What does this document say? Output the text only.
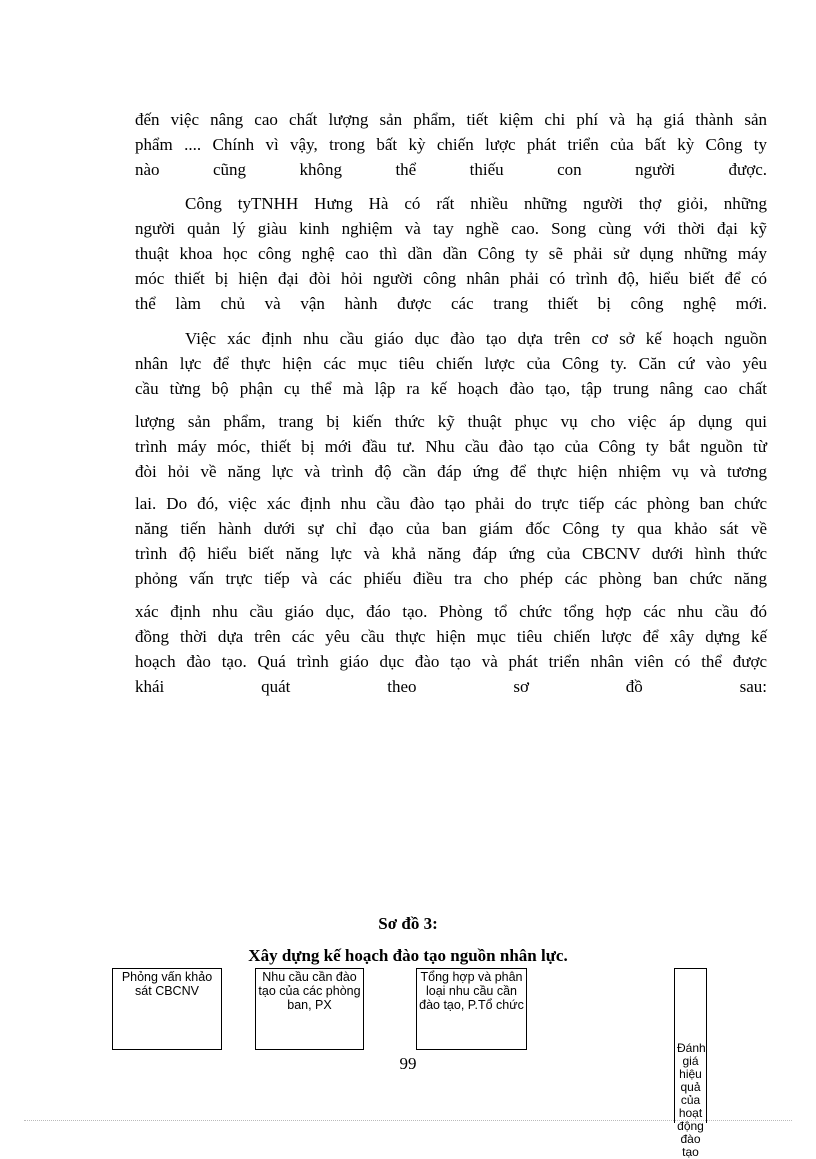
đến việc nâng cao chất lượng sản phẩm, tiết kiệm chi phí và hạ giá thành sản
phẩm .... Chính vì vậy, trong bất kỳ chiến lược phát triển của bất kỳ Công ty
nào cũng không thể thiếu con người được.
Công tyTNHH Hưng Hà có rất nhiều những người thợ giỏi, những
người quản lý giàu kinh nghiệm và tay nghề cao. Song cùng với thời đại kỹ
thuật khoa học công nghệ cao thì dần dần Công ty sẽ phải sử dụng những máy
móc thiết bị hiện đại đòi hỏi người công nhân phải có trình độ, hiểu biết để có
thể làm chủ và vận hành được các trang thiết bị công nghệ mới.
Việc xác định nhu cầu giáo dục đào tạo dựa trên cơ sở kế hoạch nguồn
nhân lực để thực hiện các mục tiêu chiến lược của Công ty. Căn cứ vào yêu
cầu từng bộ phận cụ thể mà lập ra kế hoạch đào tạo, tập trung nâng cao chất
lượng sản phẩm, trang bị kiến thức kỹ thuật phục vụ cho việc áp dụng qui
trình máy móc, thiết bị mới đầu tư. Nhu cầu đào tạo của Công ty bắt nguồn từ
đòi hỏi về năng lực và trình độ cần đáp ứng để thực hiện nhiệm vụ và tương
lai. Do đó, việc xác định nhu cầu đào tạo phải do trực tiếp các phòng ban chức
năng tiến hành dưới sự chỉ đạo của ban giám đốc Công ty qua khảo sát về
trình độ hiểu biết năng lực và khả năng đáp ứng của CBCNV dưới hình thức
phỏng vấn trực tiếp và các phiếu điều tra cho phép các phòng ban chức năng
xác định nhu cầu giáo dục, đáo tạo. Phòng tổ chức tổng hợp các nhu cầu đó
đồng thời dựa trên các yêu cầu thực hiện mục tiêu chiến lược để xây dựng kế
hoạch đào tạo. Quá trình giáo dục đào tạo và phát triển nhân viên có thể được
khái quát theo sơ đồ sau:
Sơ đồ 3:
Xây dựng kế hoạch đào tạo nguồn nhân lực.
Phỏng vấn khảo sát CBCNV
Nhu cầu cần đào tạo của các phòng ban, PX
Tổng hợp và phân loại nhu cầu cần đào tạo, P.Tổ chức
Đánh giá hiệu quả của hoạt động đào tạo
99
